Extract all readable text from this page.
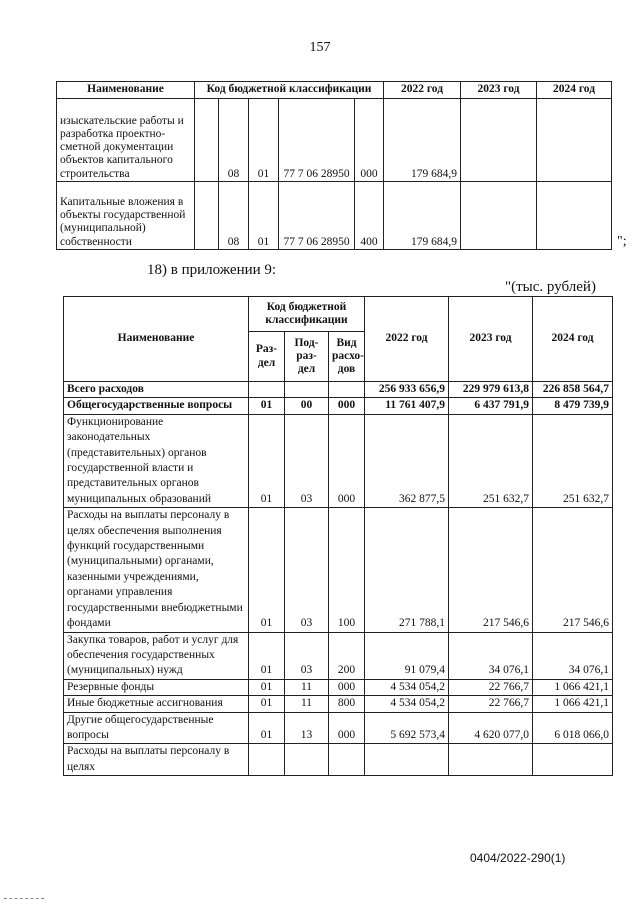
157
Наименование	Код бюджетной классификации					2022 год	2023 год	2024 год
изыскательские работы и разработка проектно-сметной документации объектов капитального строительства		08	01	77 7 06 28950	000	179 684,9		
Капитальные вложения в объекты государственной (муниципальной) собственности		08	01	77 7 06 28950	400	179 684,9			";
18) в приложении 9:
"(тыс. рублей)
Наименование	Код бюджетной классификации			2022 год	2023 год	2024 год
	Раз-дел	Под-раз-дел	Вид расхо-дов			
Всего расходов				256 933 656,9	229 979 613,8	226 858 564,7
Общегосударственные вопросы	01	00	000	11 761 407,9	6 437 791,9	8 479 739,9
Функционирование законодательных (представительных) органов государственной власти и представительных органов муниципальных образований	01	03	000	362 877,5	251 632,7	251 632,7
Расходы на выплаты персоналу в целях обеспечения выполнения функций государственными (муниципальными) органами, казенными учреждениями, органами управления государственными внебюджетными фондами	01	03	100	271 788,1	217 546,6	217 546,6
Закупка товаров, работ и услуг для обеспечения государственных (муниципальных) нужд	01	03	200	91 079,4	34 076,1	34 076,1
Резервные фонды	01	11	000	4 534 054,2	22 766,7	1 066 421,1
Иные бюджетные ассигнования	01	11	800	4 534 054,2	22 766,7	1 066 421,1
Другие общегосударственные вопросы	01	13	000	5 692 573,4	4 620 077,0	6 018 066,0
Расходы на выплаты персоналу в целях						
0404/2022-290(1)
